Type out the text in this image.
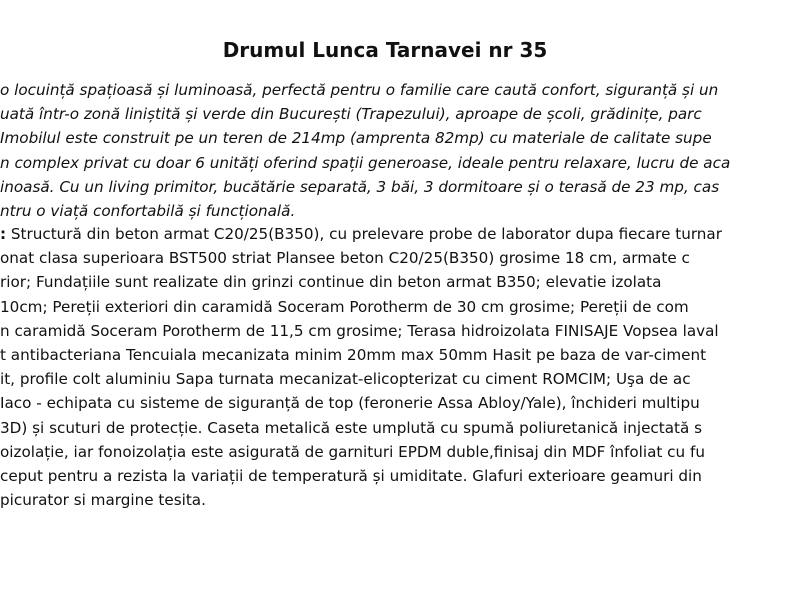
Drumul Lunca Tarnavei nr 35
o locuință spațioasă și luminoasă, perfectă pentru o familie care caută confort, siguranță și un
uată într-o zonă liniștită și verde din București (Trapezului), aproape de școli, grădinițe, parc
Imobilul este construit pe un teren de 214mp (amprenta 82mp) cu materiale de calitate supe
n complex privat cu doar 6 unități oferind spații generoase, ideale pentru relaxare, lucru de aca
inoasă. Cu un living primitor, bucătărie separată, 3 băi, 3 dormitoare și o terasă de 23 mp, cas
ntru o viață confortabilă și funcțională.
: Structură din beton armat C20/25(B350), cu prelevare probe de laborator dupa fiecare turnar
onat clasa superioara BST500 striat Plansee beton C20/25(B350) grosime 18 cm, armate c
rior; Fundațiile sunt realizate din grinzi continue din beton armat B350; elevatie izolata
10cm; Pereții exteriori din caramidă Soceram Porotherm de 30 cm grosime; Pereții de com
n caramidă Soceram Porotherm de 11,5 cm grosime; Terasa hidroizolata FINISAJE Vopsea laval
t antibacteriana Tencuiala mecanizata minim 20mm max 50mm Hasit pe baza de var-ciment
it, profile colt aluminiu Sapa turnata mecanizat-elicopterizat cu ciment ROMCIM; Uşa de ac
Iaco - echipata cu sisteme de siguranță de top (feronerie Assa Abloy/Yale), închideri multipu
3D) și scuturi de protecție. Caseta metalică este umplută cu spumă poliuretanică injectată s
oizolație, iar fonoizolația este asigurată de garnituri EPDM duble,finisaj din MDF înfoliat cu fu
ceput pentru a rezista la variații de temperatură și umiditate. Glafuri exterioare geamuri din
picurator si margine tesita.
